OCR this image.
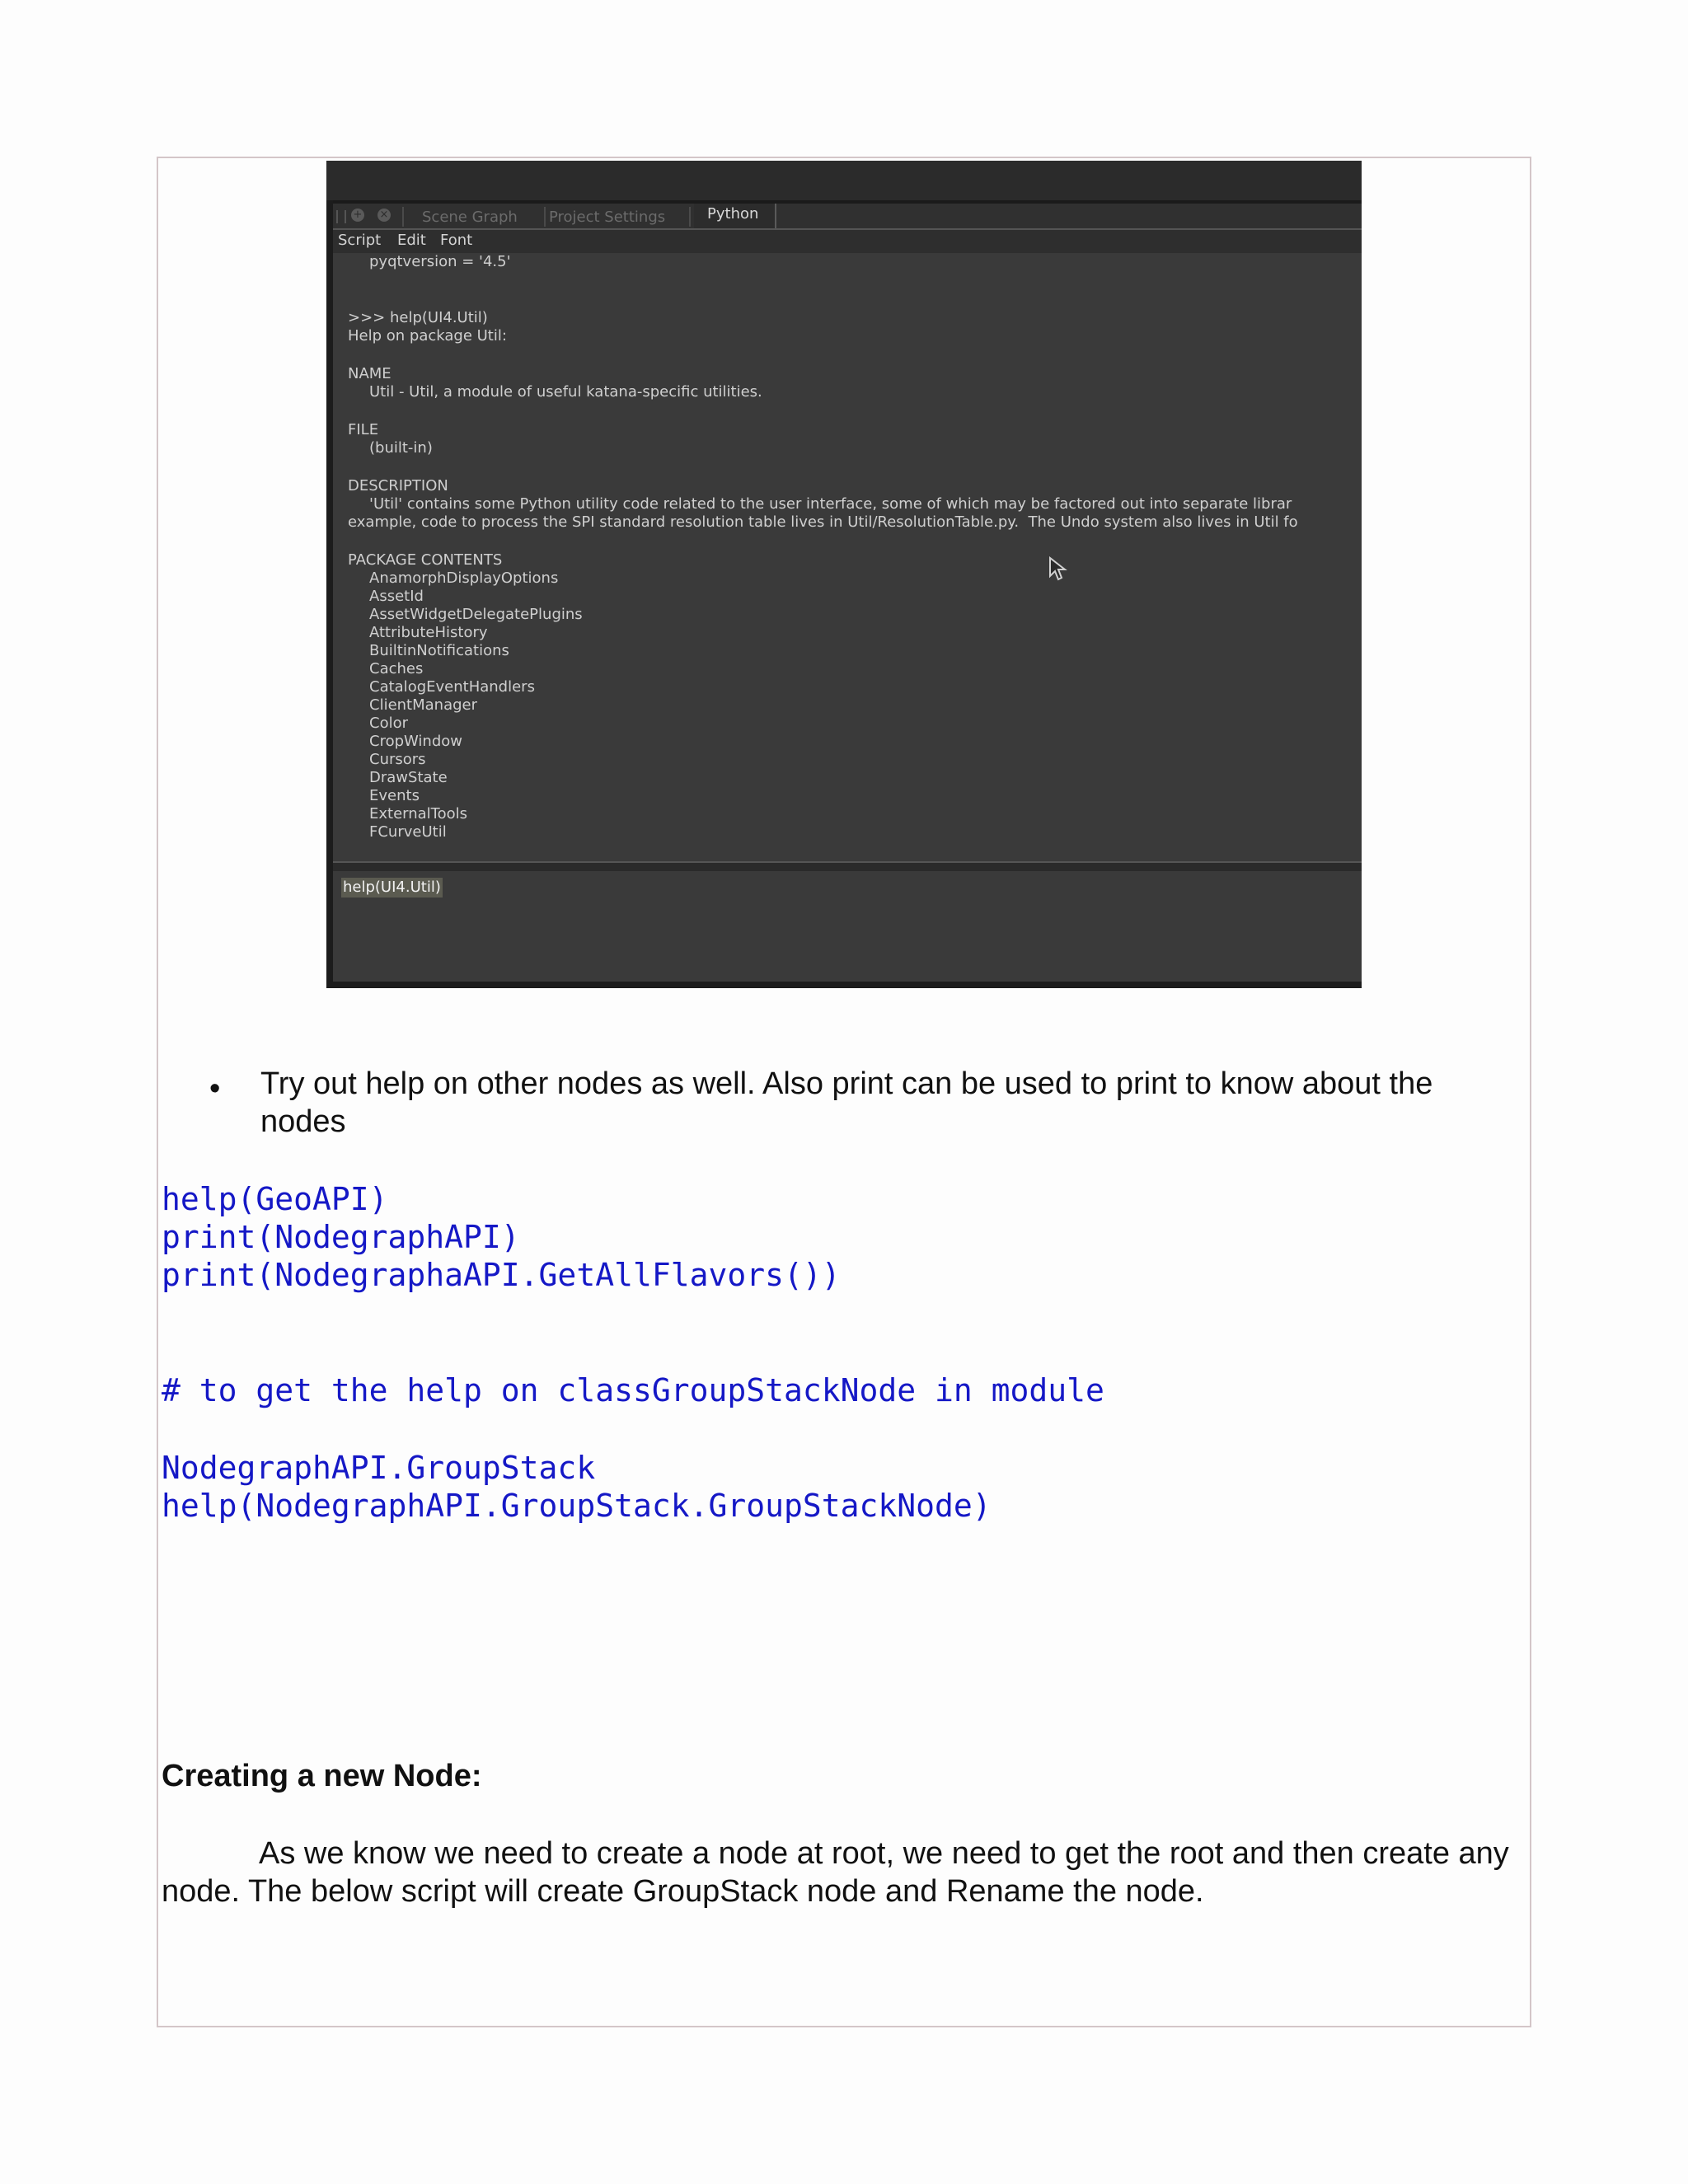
+ × Scene Graph Project Settings	Python
Script Edit Font
pyqtversion = '4.5'
>>> help(UI4.Util)
Help on package Util:
NAME
Util - Util, a module of useful katana-specific utilities.
FILE
(built-in)
DESCRIPTION
'Util' contains some Python utility code related to the user interface, some of which may be factored out into separate librar
example, code to process the SPI standard resolution table lives in Util/ResolutionTable.py.  The Undo system also lives in Util fo
PACKAGE CONTENTS
AnamorphDisplayOptions
AssetId
AssetWidgetDelegatePlugins
AttributeHistory
BuiltinNotifications
Caches
CatalogEventHandlers
ClientManager
Color
CropWindow
Cursors
DrawState
Events
ExternalTools
FCurveUtil
help(UI4.Util)
• Try out help on other nodes as well. Also print can be used to print to know about the nodes
help(GeoAPI)
print(NodegraphAPI)
print(NodegraphaAPI.GetAllFlavors())
# to get the help on classGroupStackNode in module
NodegraphAPI.GroupStack
help(NodegraphAPI.GroupStack.GroupStackNode)
Creating a new Node:
As we know we need to create a node at root, we need to get the root and then create any node. The below script will create GroupStack node and Rename the node.
